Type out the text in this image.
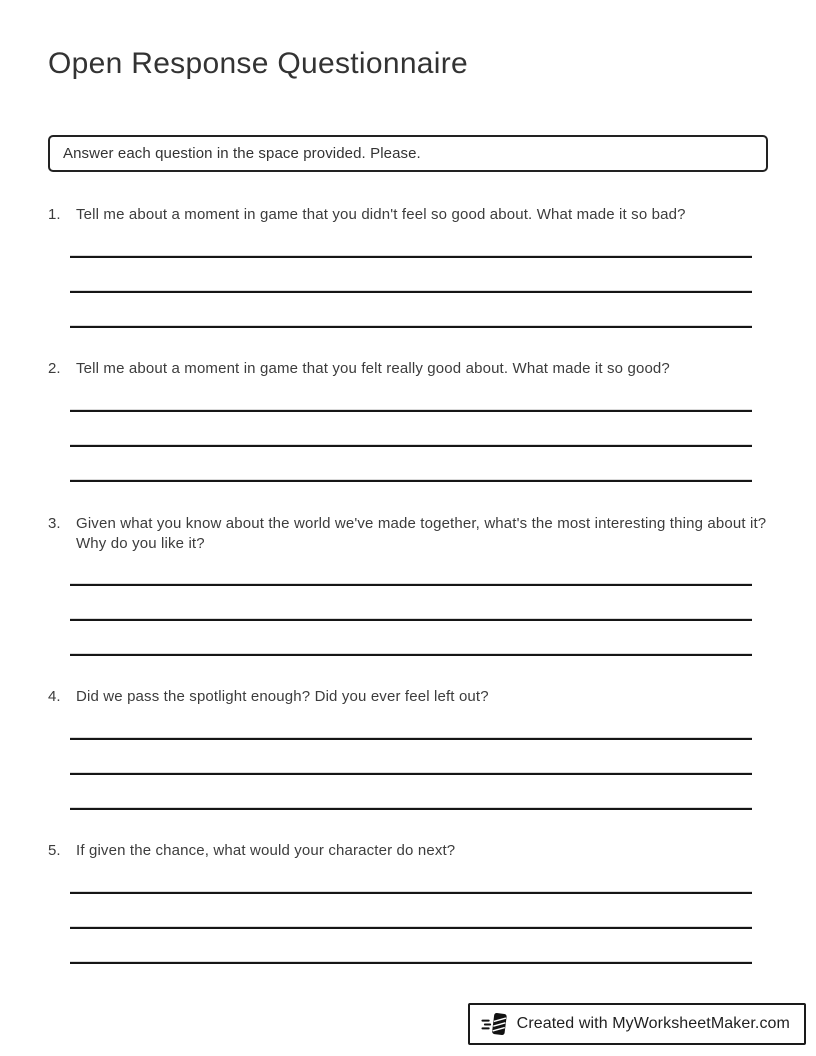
Open Response Questionnaire
Answer each question in the space provided. Please.
1.	Tell me about a moment in game that you didn't feel so good about. What made it so bad?
2.	Tell me about a moment in game that you felt really good about. What made it so good?
3.	Given what you know about the world we've made together, what's the most interesting thing about it? Why do you like it?
4.	Did we pass the spotlight enough? Did you ever feel left out?
5.	If given the chance, what would your character do next?
Created with MyWorksheetMaker.com
